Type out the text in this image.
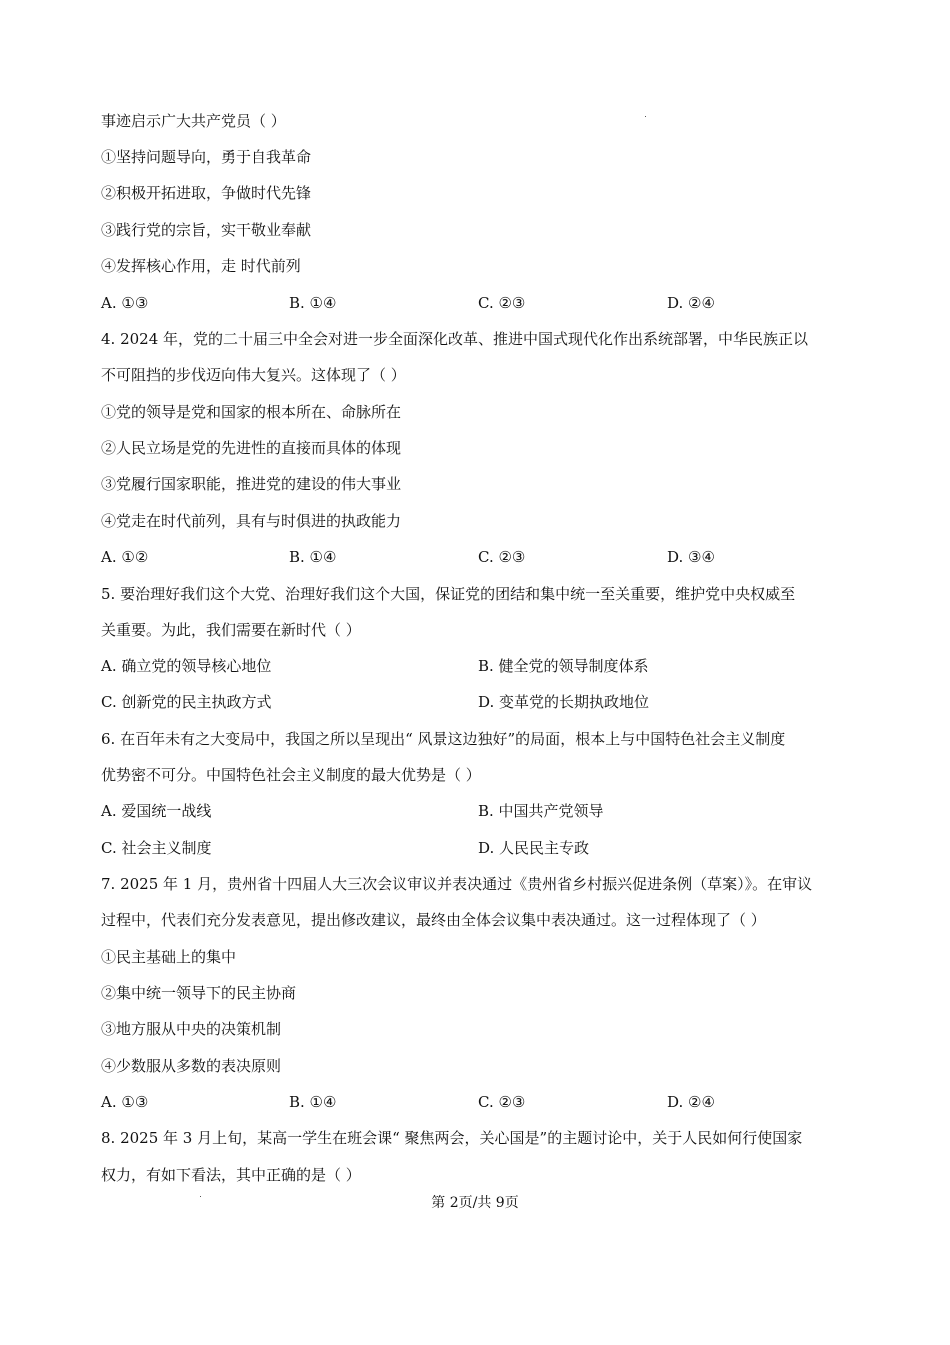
事迹启示广大共产党员（ ）
①坚持问题导向，勇于自我革命
②积极开拓进取，争做时代先锋
③践行党的宗旨，实干敬业奉献
④发挥核心作用，走 时代前列
A. ①③	B. ①④	C. ②③	D. ②④
4. 2024 年，党的二十届三中全会对进一步全面深化改革、推进中国式现代化作出系统部署，中华民族正以
不可阻挡的步伐迈向伟大复兴。这体现了（ ）
①党的领导是党和国家的根本所在、命脉所在
②人民立场是党的先进性的直接而具体的体现
③党履行国家职能，推进党的建设的伟大事业
④党走在时代前列，具有与时俱进的执政能力
A. ①②	B. ①④	C. ②③	D. ③④
5. 要治理好我们这个大党、治理好我们这个大国，保证党的团结和集中统一至关重要，维护党中央权威至
关重要。为此，我们需要在新时代（ ）
A. 确立党的领导核心地位	B. 健全党的领导制度体系
C. 创新党的民主执政方式	D. 变革党的长期执政地位
6. 在百年未有之大变局中，我国之所以呈现出“ 风景这边独好”的局面，根本上与中国特色社会主义制度
优势密不可分。中国特色社会主义制度的最大优势是（ ）
A. 爱国统一战线	B. 中国共产党领导
C. 社会主义制度	D. 人民民主专政
7. 2025 年 1 月，贵州省十四届人大三次会议审议并表决通过《贵州省乡村振兴促进条例（草案）》。在审议
过程中，代表们充分发表意见，提出修改建议，最终由全体会议集中表决通过。这一过程体现了（ ）
①民主基础上的集中
②集中统一领导下的民主协商
③地方服从中央的决策机制
④少数服从多数的表决原则
A. ①③	B. ①④	C. ②③	D. ②④
8. 2025 年 3 月上旬，某高一学生在班会课“ 聚焦两会，关心国是”的主题讨论中，关于人民如何行使国家
权力，有如下看法，其中正确的是（ ）
第 2页/共 9页
